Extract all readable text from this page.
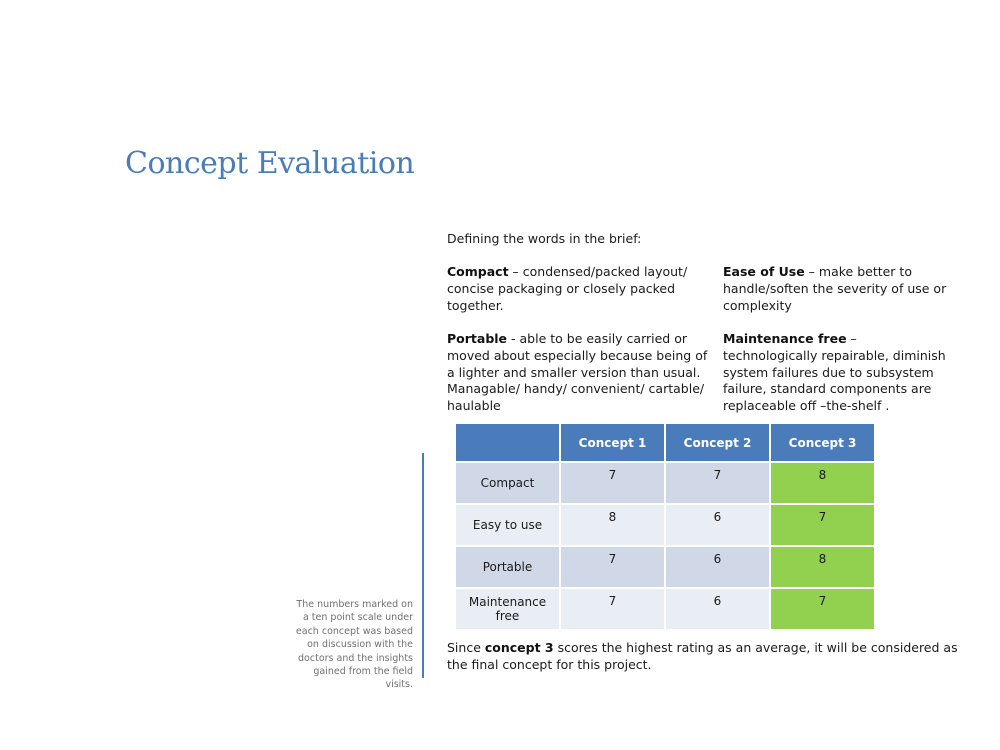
Concept Evaluation
Defining the words in the brief:
Compact – condensed/packed layout/ concise packaging or closely packed together.
Portable - able to be easily carried or moved about especially because being of a lighter and smaller version than usual. Managable/ handy/ convenient/ cartable/ haulable
Ease of Use – make better to handle/soften the severity of use or complexity
Maintenance free – technologically repairable, diminish system failures due to subsystem failure, standard components are replaceable off –the-shelf .
	Concept 1	Concept 2	Concept 3
Compact	7	7	8
Easy to use	8	6	7
Portable	7	6	8
Maintenance free	7	6	7
The numbers marked on a ten point scale under each concept was based on discussion with the doctors and the insights gained from the field visits.
Since concept 3 scores the highest rating as an average, it will be considered as the final concept for this project.
